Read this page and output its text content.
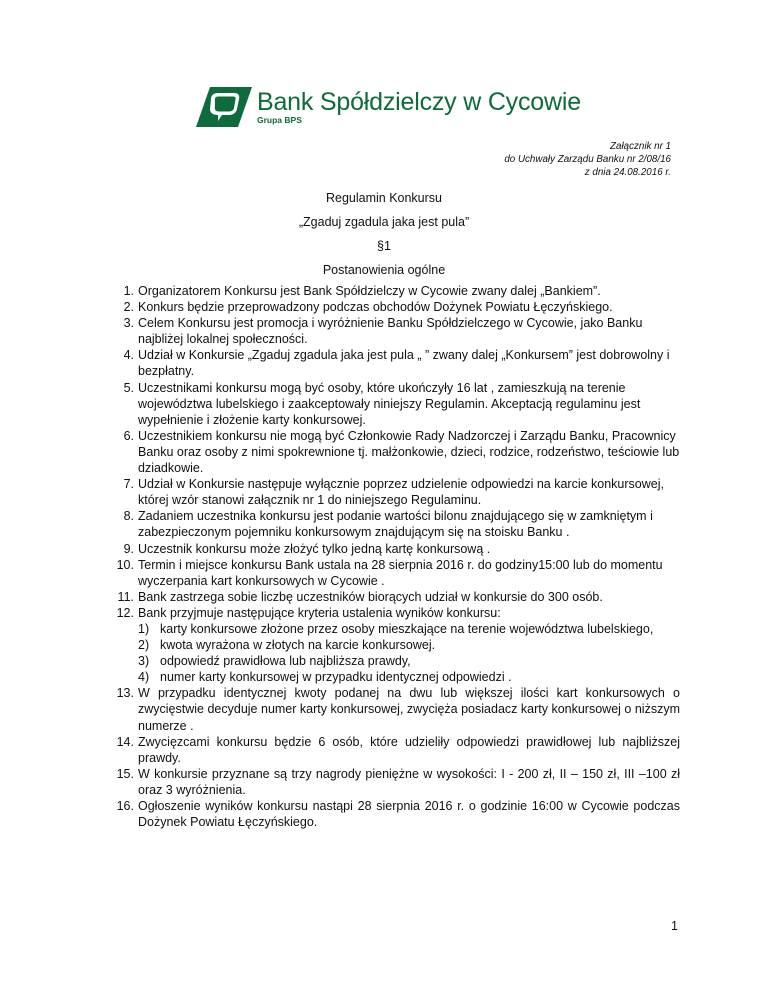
Bank Spółdzielczy w Cycowie
Grupa BPS
Załącznik nr 1
do Uchwały Zarządu Banku nr 2/08/16
z dnia 24.08.2016 r.
Regulamin Konkursu
„Zgaduj zgadula jaka jest pula”
§1
Postanowienia ogólne
1. Organizatorem Konkursu jest Bank Spółdzielczy w Cycowie zwany dalej „Bankiem”.
2. Konkurs będzie przeprowadzony podczas obchodów Dożynek Powiatu Łęczyńskiego.
3. Celem Konkursu jest promocja i wyróżnienie Banku Spółdzielczego w Cycowie, jako Banku najbliżej lokalnej społeczności.
4. Udział w Konkursie „Zgaduj zgadula jaka jest pula „ ” zwany dalej „Konkursem” jest dobrowolny i bezpłatny.
5. Uczestnikami konkursu mogą być osoby, które ukończyły 16 lat , zamieszkują na terenie województwa lubelskiego i zaakceptowały niniejszy Regulamin. Akceptacją regulaminu jest wypełnienie i złożenie karty konkursowej.
6. Uczestnikiem konkursu nie mogą być Członkowie Rady Nadzorczej i Zarządu Banku, Pracownicy Banku oraz osoby z nimi spokrewnione tj. małżonkowie, dzieci, rodzice, rodzeństwo, teściowie lub dziadkowie.
7. Udział w Konkursie następuje wyłącznie poprzez udzielenie odpowiedzi na karcie konkursowej, której wzór stanowi załącznik nr 1 do niniejszego Regulaminu.
8. Zadaniem uczestnika konkursu jest podanie wartości bilonu znajdującego się w zamkniętym i zabezpieczonym pojemniku konkursowym znajdującym się na stoisku Banku .
9. Uczestnik konkursu może złożyć tylko jedną kartę konkursową .
10. Termin i miejsce konkursu Bank ustala na 28 sierpnia 2016 r. do godziny15:00 lub do momentu wyczerpania kart konkursowych w Cycowie .
11. Bank zastrzega sobie liczbę uczestników biorących udział w konkursie do 300 osób.
12. Bank przyjmuje następujące kryteria ustalenia wyników konkursu:
1) karty konkursowe złożone przez osoby mieszkające na terenie województwa lubelskiego,
2) kwota wyrażona w złotych na karcie konkursowej.
3) odpowiedź prawidłowa lub najbliższa prawdy,
4) numer karty konkursowej w przypadku identycznej odpowiedzi .
13. W przypadku identycznej kwoty podanej na dwu lub większej ilości kart konkursowych o zwycięstwie decyduje numer karty konkursowej, zwycięża posiadacz karty konkursowej o niższym numerze .
14. Zwycięzcami konkursu będzie 6 osób, które udzieliły odpowiedzi prawidłowej lub najbliższej prawdy.
15. W konkursie przyznane są trzy nagrody pieniężne w wysokości: I - 200 zł, II – 150 zł, III –100 zł oraz 3 wyróżnienia.
16. Ogłoszenie wyników konkursu nastąpi 28 sierpnia 2016 r. o godzinie 16:00 w Cycowie podczas Dożynek Powiatu Łęczyńskiego.
1
